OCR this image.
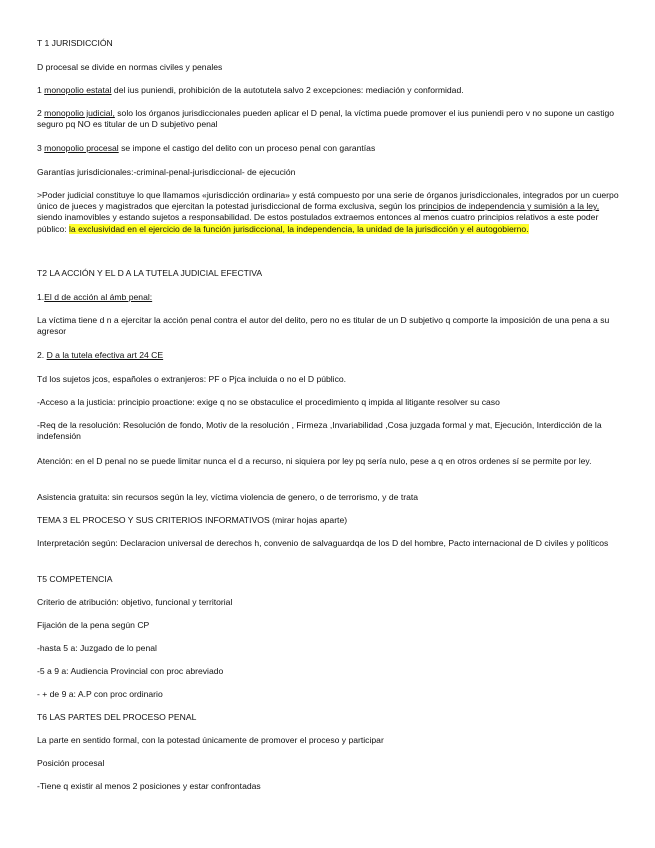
T 1 JURISDICCIÓN

D procesal se divide en normas civiles y penales

1 monopolio estatal del ius puniendi, prohibición de la autotutela salvo 2 excepciones: mediación y conformidad.

2 monopolio judicial, solo los órganos jurisdiccionales pueden aplicar el D penal, la víctima puede promover el ius puniendi pero v no supone un castigo seguro pq NO es titular de un D subjetivo penal

3 monopolio procesal se impone el castigo del delito con un proceso penal con garantías

Garantías jurisdicionales:-criminal-penal-jurisdiccional- de ejecución

>Poder judicial constituye lo que llamamos «jurisdicción ordinaria» y está compuesto por una serie de órganos jurisdiccionales, integrados por un cuerpo único de jueces y magistrados que ejercitan la potestad jurisdiccional de forma exclusiva, según los principios de independencia y sumisión a la ley, siendo inamovibles y estando sujetos a responsabilidad. De estos postulados extraemos entonces al menos cuatro principios relativos a este poder público: la exclusividad en el ejercicio de la función jurisdiccional, la independencia, la unidad de la jurisdicción y el autogobierno.

T2 LA ACCIÓN Y EL D A LA TUTELA JUDICIAL EFECTIVA

1.El d de acción al ámb penal:

La víctima tiene d n a ejercitar la acción penal contra el autor del delito, pero no es titular de un D subjetivo q comporte la imposición de una pena a su agresor

2. D a la tutela efectiva art 24 CE

Td los sujetos jcos, españoles o extranjeros: PF o Pjca incluida o no el D público.

-Acceso a la justicia: principio proactione: exige q no se obstaculice el procedimiento q impida al litigante resolver su caso

-Req de la resolución: Resolución de fondo, Motiv de la resolución , Firmeza ,Invariabilidad ,Cosa juzgada formal y mat, Ejecución, Interdicción de la indefensión

Atención: en el D penal no se puede limitar nunca el d a recurso, ni siquiera por ley pq sería nulo, pese a q en otros ordenes sí se permite por ley.

Asistencia gratuita: sin recursos según la ley, víctima violencia de genero, o de terrorismo, y de trata

TEMA 3 EL PROCESO Y SUS CRITERIOS INFORMATIVOS (mirar hojas aparte)

Interpretación según: Declaracion universal de derechos h, convenio de salvaguardqa de los D del hombre, Pacto internacional de D civiles y políticos

T5 COMPETENCIA

Criterio de atribución: objetivo, funcional y territorial

Fijación de la pena según CP

-hasta 5 a: Juzgado de lo penal

-5 a 9 a: Audiencia Provincial con proc abreviado

- + de 9 a: A.P con proc ordinario

T6 LAS PARTES DEL PROCESO PENAL

La parte en sentido formal, con la potestad únicamente de promover el proceso y participar

Posición procesal

-Tiene q existir al menos 2 posiciones y estar confrontadas
